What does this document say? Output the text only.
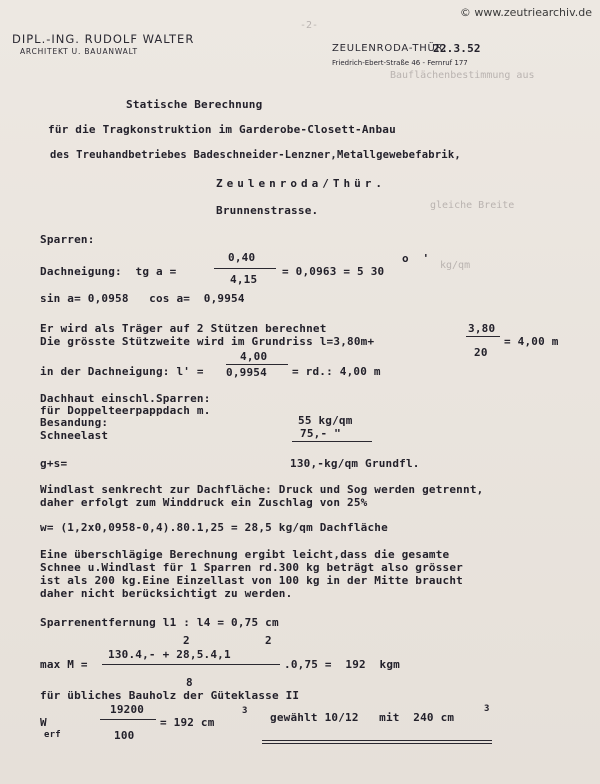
© www.zeutriearchiv.de
DIPL.-ING. RUDOLF WALTER
ARCHITEKT U. BAUANWALT	ZEULENRODA-THÜR.
22.3.52
Friedrich-Ebert-Straße 46 - Fernruf 177
-2-
Bauflächenbestimmung aus
gleiche Breite
kg/qm
Statische Berechnung
für die Tragkonstruktion im Garderobe-Closett-Anbau
des Treuhandbetriebes Badeschneider-Lenzner,Metallgewebefabrik,
Zeulenroda/Thür.
Brunnenstrasse.
Sparren:
Dachneigung:  tg a =
0,40
4,15
= 0,0963 = 5 30
o  '
sin a= 0,0958   cos a=  0,9954
Er wird als Träger auf 2 Stützen berechnet
Die grösste Stützweite wird im Grundriss l=3,80m+
3,80
20
= 4,00 m
in der Dachneigung: l' =
4,00
0,9954 = rd.: 4,00 m
Dachhaut einschl.Sparren:
für Doppelteerpappdach m.
Besandung:	55 kg/qm
Schneelast	75,- "
g+s=	130,-kg/qm Grundfl.
Windlast senkrecht zur Dachfläche: Druck und Sog werden getrennt,
daher erfolgt zum Winddruck ein Zuschlag von 25%
w= (1,2x0,0958-0,4).80.1,25 = 28,5 kg/qm Dachfläche
Eine überschlägige Berechnung ergibt leicht,dass die gesamte
Schnee u.Windlast für 1 Sparren rd.300 kg beträgt also grösser
ist als 200 kg.Eine Einzellast von 100 kg in der Mitte braucht
daher nicht berücksichtigt zu werden.
Sparrenentfernung l1 : l4 = 0,75 cm
2	2
130.4,- + 28,5.4,1
max M =
8
.0,75 =  192  kgm
für übliches Bauholz der Güteklasse II
19200
W
erf	100
= 192 cm
3 gewählt 10/12   mit  240 cm
3
